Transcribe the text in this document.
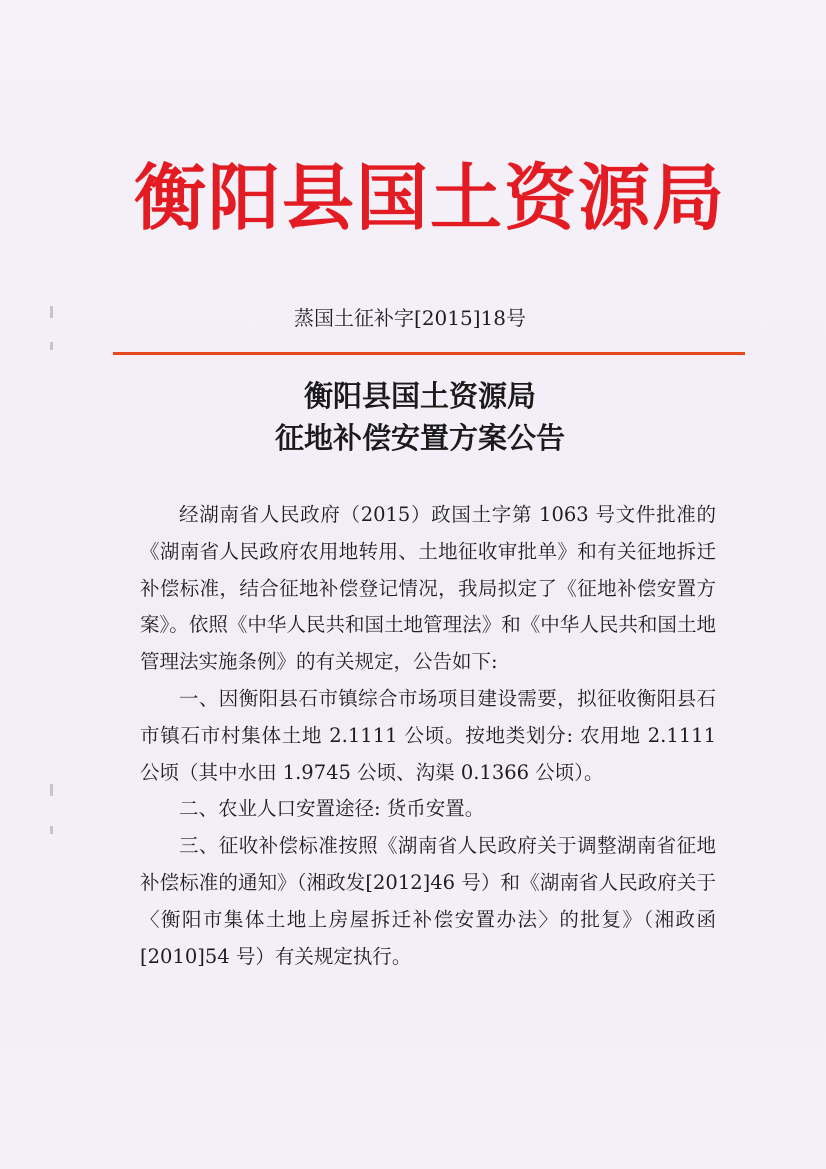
衡阳县国土资源局
蒸国土征补字[2015]18号
衡阳县国土资源局
征地补偿安置方案公告

经湖南省人民政府（2015）政国土字第 1063 号文件批准的《湖南省人民政府农用地转用、土地征收审批单》和有关征地拆迁补偿标准，结合征地补偿登记情况，我局拟定了《征地补偿安置方案》。依照《中华人民共和国土地管理法》和《中华人民共和国土地管理法实施条例》的有关规定，公告如下:

一、因衡阳县石市镇综合市场项目建设需要，拟征收衡阳县石市镇石市村集体土地 2.1111 公顷。按地类划分: 农用地 2.1111 公顷（其中水田 1.9745 公顷、沟渠 0.1366 公顷）。

二、农业人口安置途径: 货币安置。

三、征收补偿标准按照《湖南省人民政府关于调整湖南省征地补偿标准的通知》（湘政发[2012]46 号）和《湖南省人民政府关于〈衡阳市集体土地上房屋拆迁补偿安置办法〉的批复》（湘政函[2010]54 号）有关规定执行。
